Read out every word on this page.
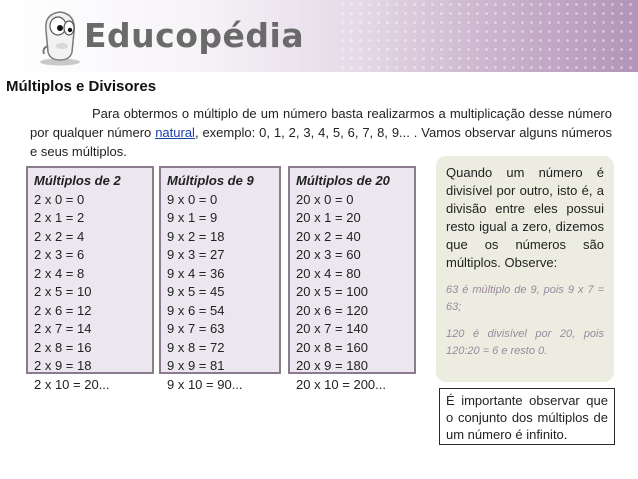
Educopédia
Múltiplos e Divisores
Para obtermos o múltiplo de um número basta realizarmos a multiplicação desse número por qualquer número natural, exemplo: 0, 1, 2, 3, 4, 5, 6, 7, 8, 9... . Vamos observar alguns números e seus múltiplos.
Múltiplos de 2
2 x 0 = 0
2 x 1 = 2
2 x 2 = 4
2 x 3 = 6
2 x 4 = 8
2 x 5 = 10
2 x 6 = 12
2 x 7 = 14
2 x 8 = 16
2 x 9 = 18
2 x 10 = 20...
Múltiplos de 9
9 x 0 = 0
9 x 1 = 9
9 x 2 = 18
9 x 3 = 27
9 x 4 = 36
9 x 5 = 45
9 x 6 = 54
9 x 7 = 63
9 x 8 = 72
9 x 9 = 81
9 x 10 = 90...
Múltiplos de 20
20 x 0 = 0
20 x 1 = 20
20 x 2 = 40
20 x 3 = 60
20 x 4 = 80
20 x 5 = 100
20 x 6 = 120
20 x 7 = 140
20 x 8 = 160
20 x 9 = 180
20 x 10 = 200...
Quando um número é divisível por outro, isto é, a divisão entre eles possui resto igual a zero, dizemos que os números são múltiplos. Observe:
63 é múltiplo de 9, pois 9 x 7 = 63;
120 é divisível por 20, pois 120:20 = 6 e resto 0.
É importante observar que o conjunto dos múltiplos de um número é infinito.
